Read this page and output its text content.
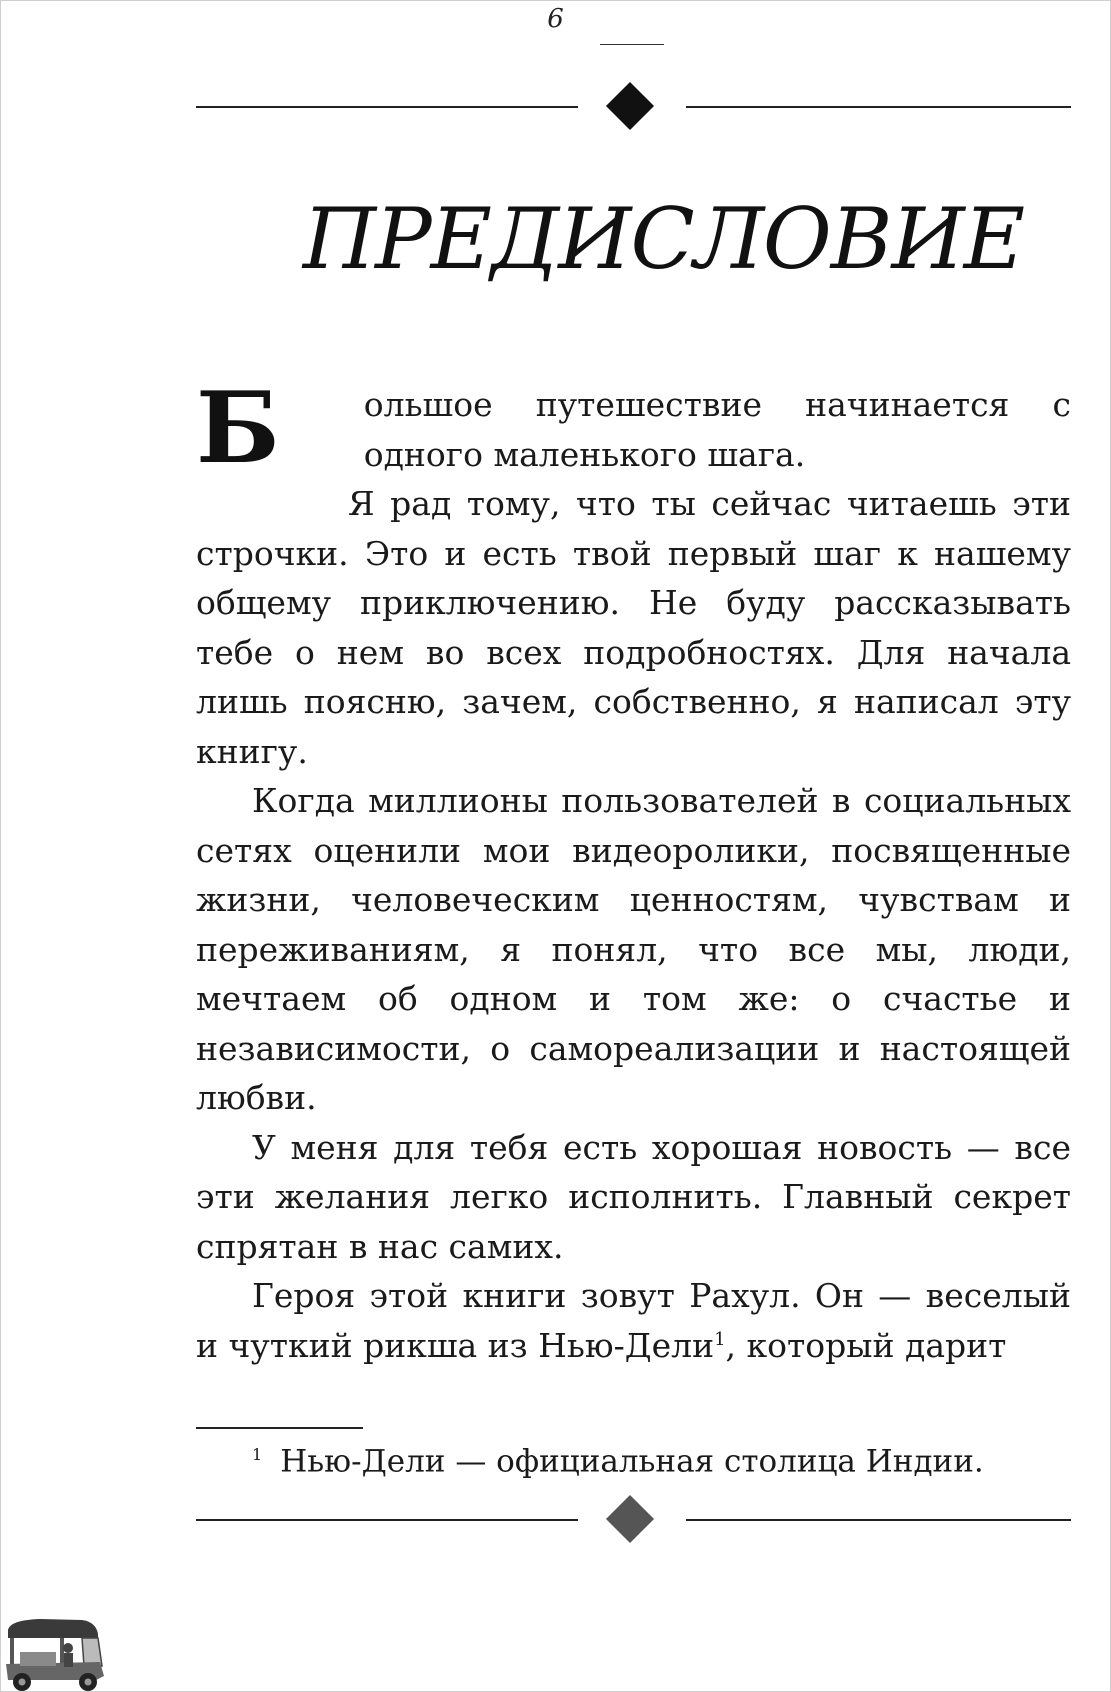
6
ПРЕДИСЛОВИЕ

Б	ольшое путешествие начинается с одного маленького шага.

Я рад тому, что ты сейчас читаешь эти строчки. Это и есть твой первый шаг к нашему общему приключению. Не буду рассказывать тебе о нем во всех подробностях. Для начала лишь поясню, зачем, собственно, я написал эту книгу.

Когда миллионы пользователей в социальных сетях оценили мои видеоролики, посвященные жизни, человеческим ценностям, чувствам и переживаниям, я понял, что все мы, люди, мечтаем об одном и том же: о счастье и независимости, о самореализации и настоящей любви.

У меня для тебя есть хорошая новость — все эти желания легко исполнить. Главный секрет спрятан в нас самих.

Героя этой книги зовут Рахул. Он — веселый и чуткий рикша из Нью-Дели$^1$, который дарит

$^1$ Нью-Дели — официальная столица Индии.
